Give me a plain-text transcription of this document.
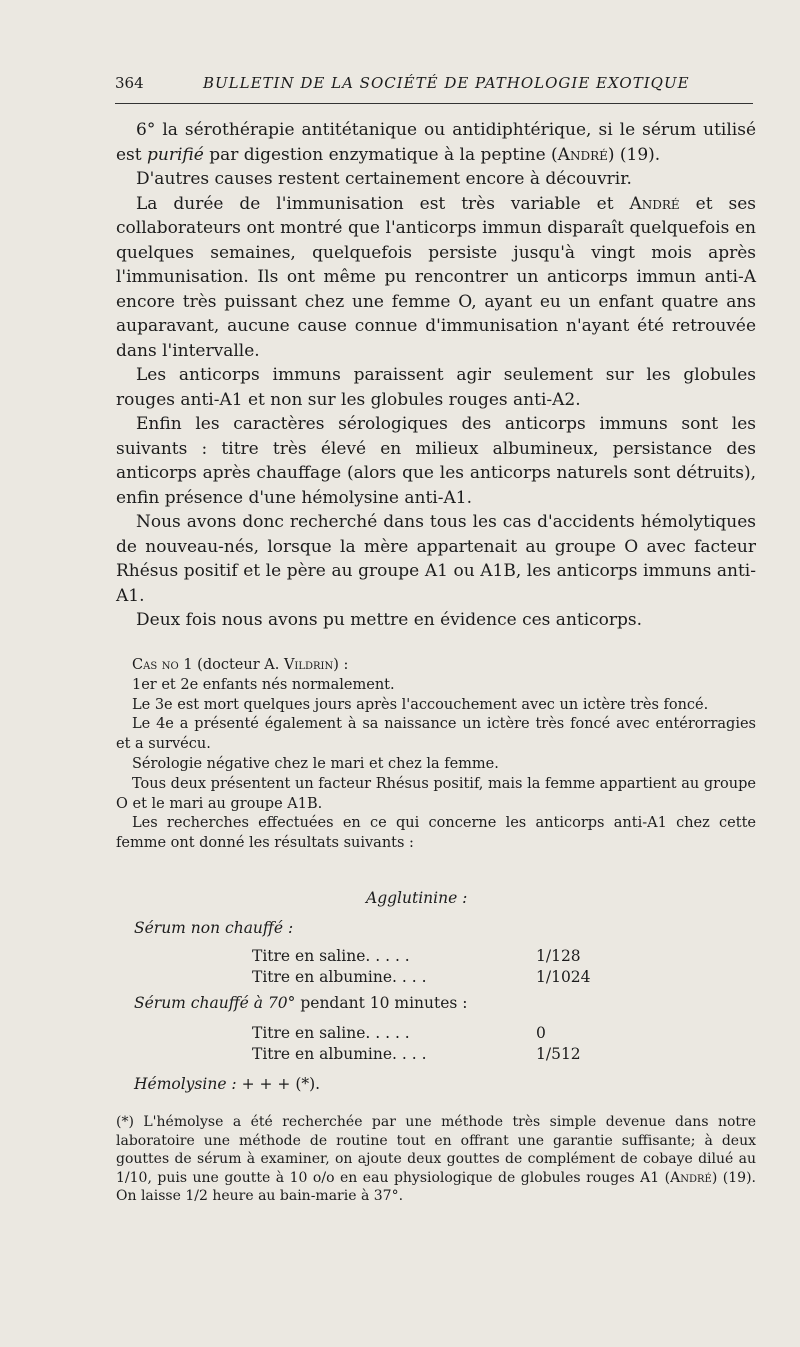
364	BULLETIN DE LA SOCIÉTÉ DE PATHOLOGIE EXOTIQUE

6° la sérothérapie antitétanique ou antidiphtérique, si le sérum utilisé est purifié par digestion enzymatique à la peptine (André) (19).

D'autres causes restent certainement encore à découvrir.

La durée de l'immunisation est très variable et André et ses collaborateurs ont montré que l'anticorps immun disparaît quelquefois en quelques semaines, quelquefois persiste jusqu'à vingt mois après l'immunisation. Ils ont même pu rencontrer un anticorps immun anti-A encore très puissant chez une femme O, ayant eu un enfant quatre ans auparavant, aucune cause connue d'immunisation n'ayant été retrouvée dans l'intervalle.

Les anticorps immuns paraissent agir seulement sur les globules rouges anti-A1 et non sur les globules rouges anti-A2.

Enfin les caractères sérologiques des anticorps immuns sont les suivants : titre très élevé en milieux albumineux, persistance des anticorps après chauffage (alors que les anticorps naturels sont détruits), enfin présence d'une hémolysine anti-A1.

Nous avons donc recherché dans tous les cas d'accidents hémolytiques de nouveau-nés, lorsque la mère appartenait au groupe O avec facteur Rhésus positif et le père au groupe A1 ou A1B, les anticorps immuns anti-A1.

Deux fois nous avons pu mettre en évidence ces anticorps.

Cas no 1 (docteur A. Vildrin) :

1er et 2e enfants nés normalement.

Le 3e est mort quelques jours après l'accouchement avec un ictère très foncé.

Le 4e a présenté également à sa naissance un ictère très foncé avec entérorragies et a survécu.

Sérologie négative chez le mari et chez la femme.

Tous deux présentent un facteur Rhésus positif, mais la femme appartient au groupe O et le mari au groupe A1B.

Les recherches effectuées en ce qui concerne les anticorps anti-A1 chez cette femme ont donné les résultats suivants :

Agglutinine :
Sérum non chauffé :
Titre en saline. . . . .	1/128
Titre en albumine. . . .	1/1024
Sérum chauffé à 70° pendant 10 minutes :
Titre en saline. . . . .	0
Titre en albumine. . . .	1/512
Hémolysine : + + + (*).

(*) L'hémolyse a été recherchée par une méthode très simple devenue dans notre laboratoire une méthode de routine tout en offrant une garantie suffisante; à deux gouttes de sérum à examiner, on ajoute deux gouttes de complément de cobaye dilué au 1/10, puis une goutte à 10 o/o en eau physiologique de globules rouges A1 (André) (19). On laisse 1/2 heure au bain-marie à 37°.
